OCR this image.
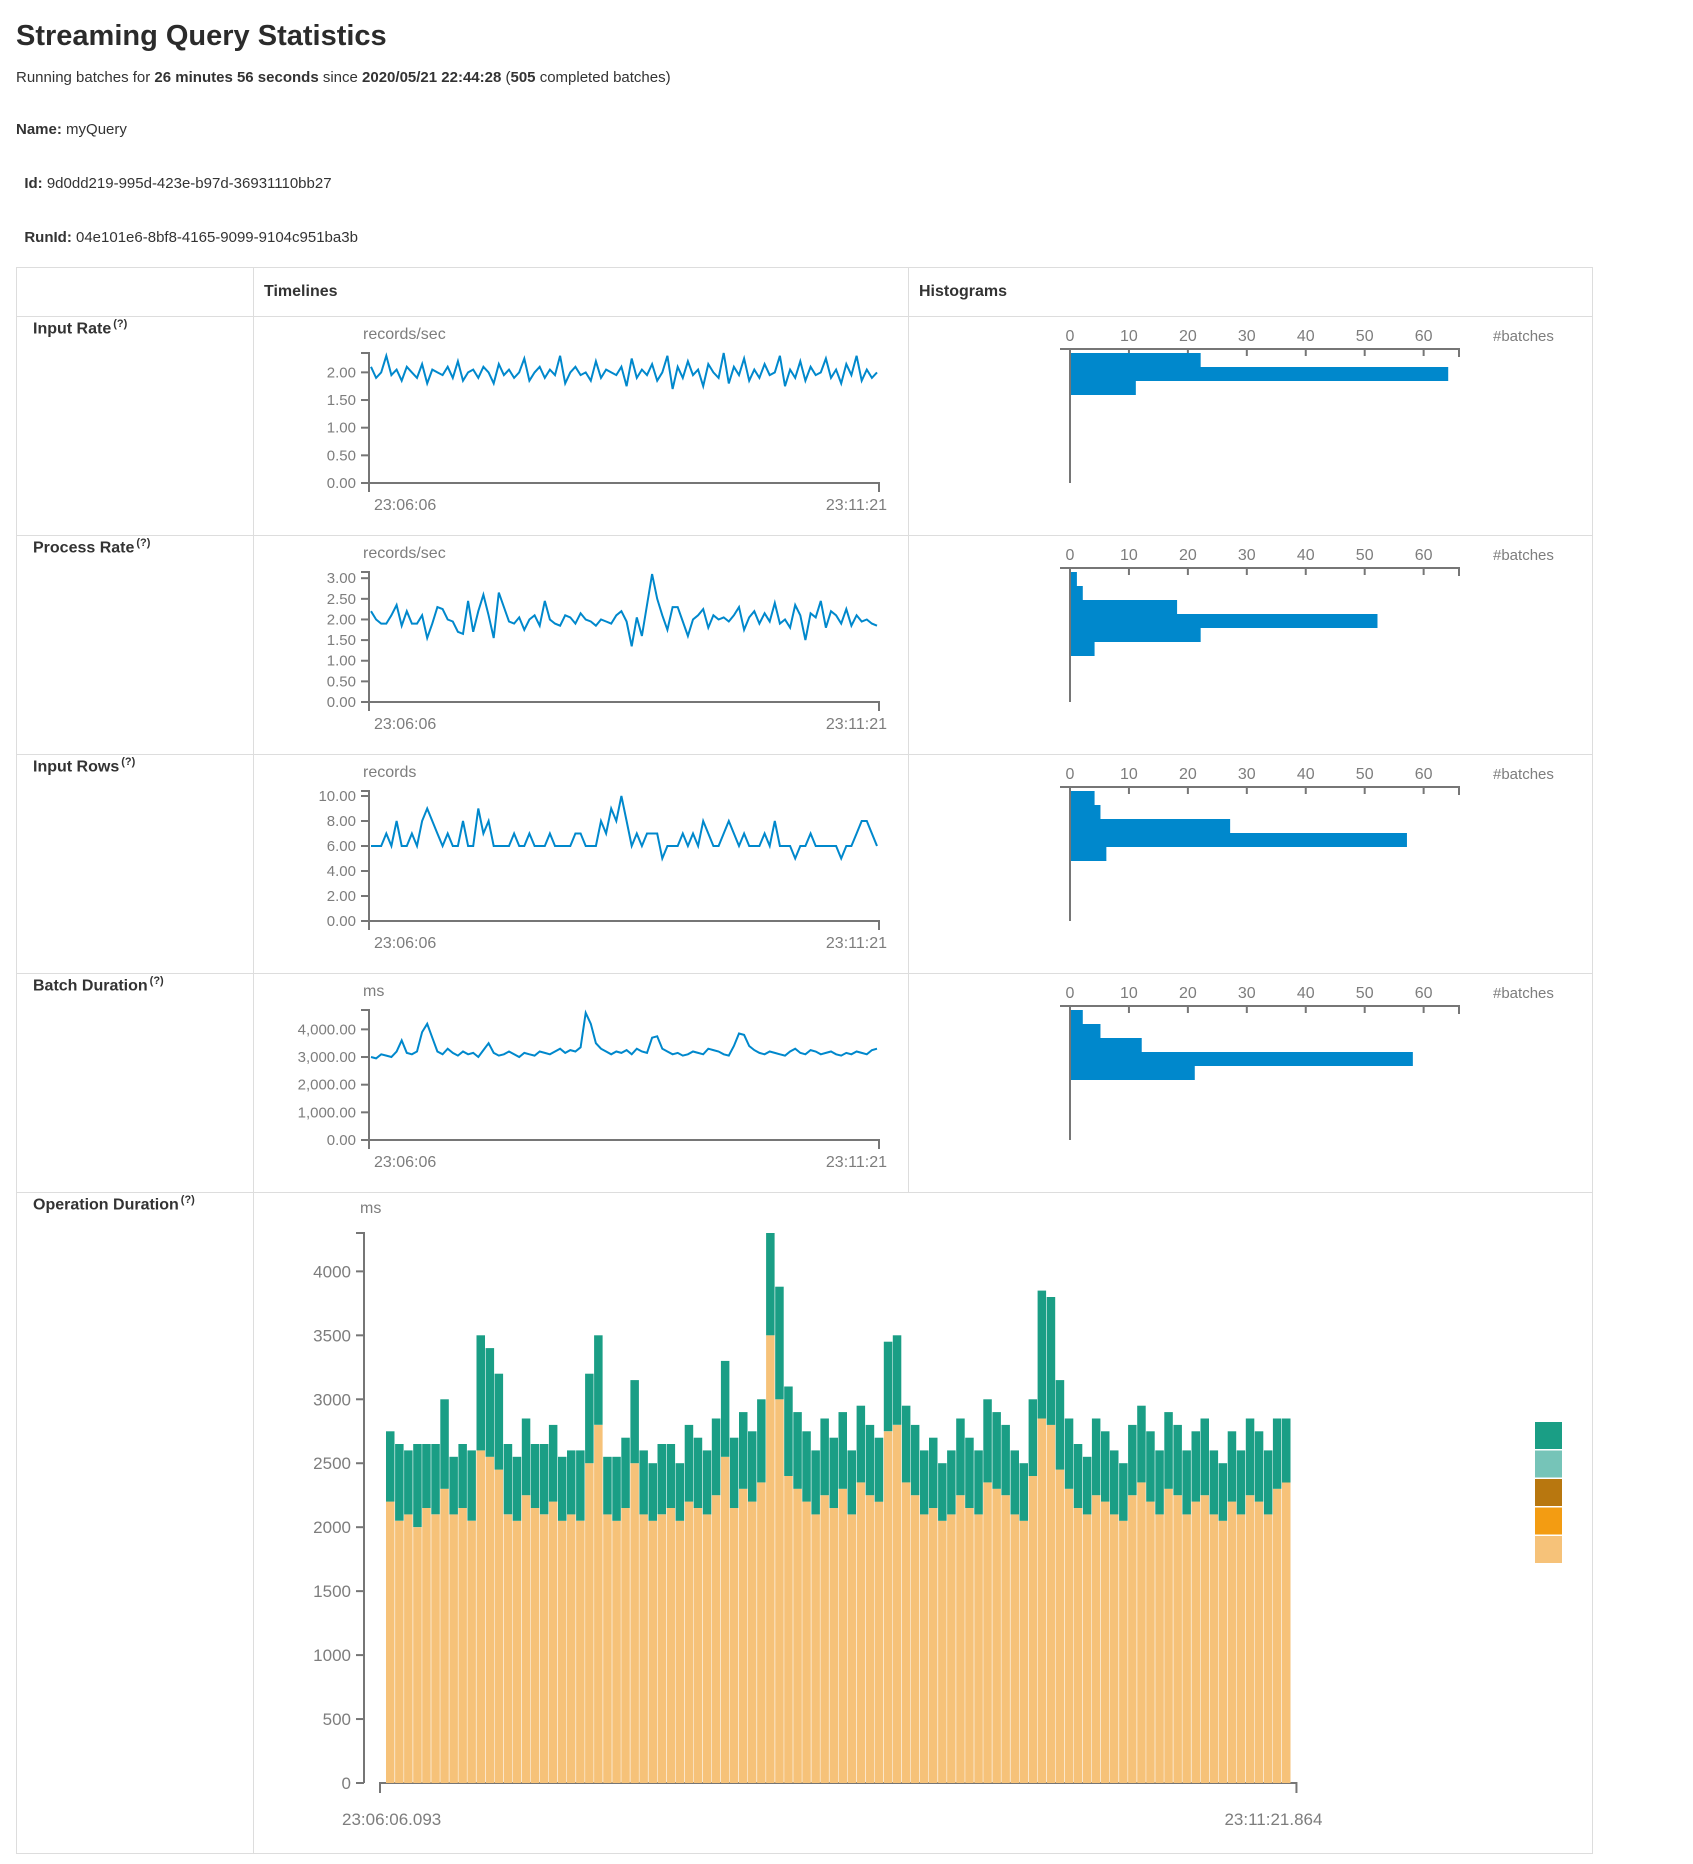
Streaming Query Statistics

Running batches for 26 minutes 56 seconds since 2020/05/21 22:44:28 (505 completed batches)

Name: myQuery

Id: 9d0dd219-995d-423e-b97d-36931110bb27

RunId: 04e101e6-8bf8-4165-9099-9104c951ba3b
	Timelines	Histograms
Input Rate (?)	
records/sec
0.00
0.50
1.00
1.50
2.00
23:06:06	23:11:21

0	10	20	30	40	50	60	#batches

Process Rate (?)	
records/sec
0.00
0.50
1.00
1.50
2.00
2.50
3.00
23:06:06	23:11:21

0	10	20	30	40	50	60	#batches

Input Rows (?)	
records
0.00
2.00
4.00
6.00
8.00
10.00
23:06:06	23:11:21

0	10	20	30	40	50	60	#batches

Batch Duration (?)	
ms
0.00
1,000.00
2,000.00
3,000.00
4,000.00
23:06:06	23:11:21

0	10	20	30	40	50	60	#batches

Operation Duration (?)	ms
0
500
1000
1500
2000
2500
3000
3500
4000
23:06:06.093	23:11:21.864
